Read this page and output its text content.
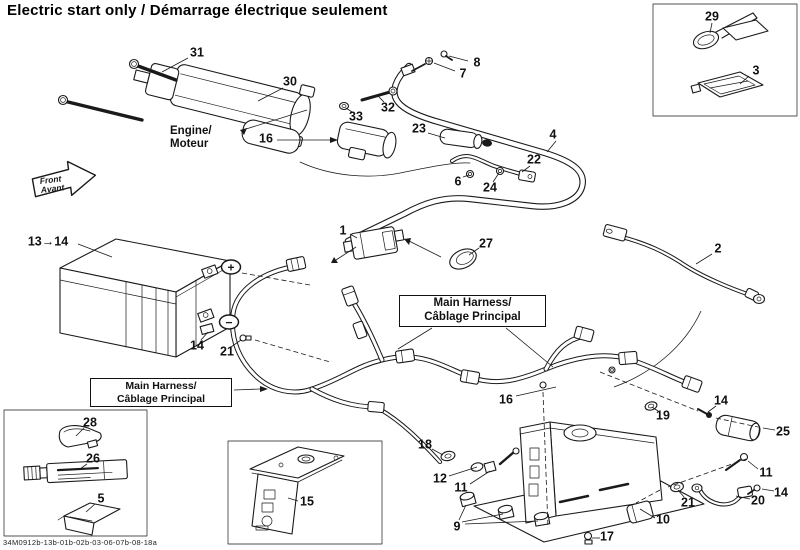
+
−
Front
Avant
Electric start only / Démarrage électrique seulement
Engine/
Moteur
Main Harness/
Câblage Principal
Main Harness/
Câblage Principal
13→14
31
30
8
7
29
3
32
33
23
16	4
22
6 24
1
27	2
14 21
16
19
14
25
18
12
11
9
17
10
21	20
11
14
28
26
5	15
34M0912b-13b-01b-02b-03-06-07b-08-18a
